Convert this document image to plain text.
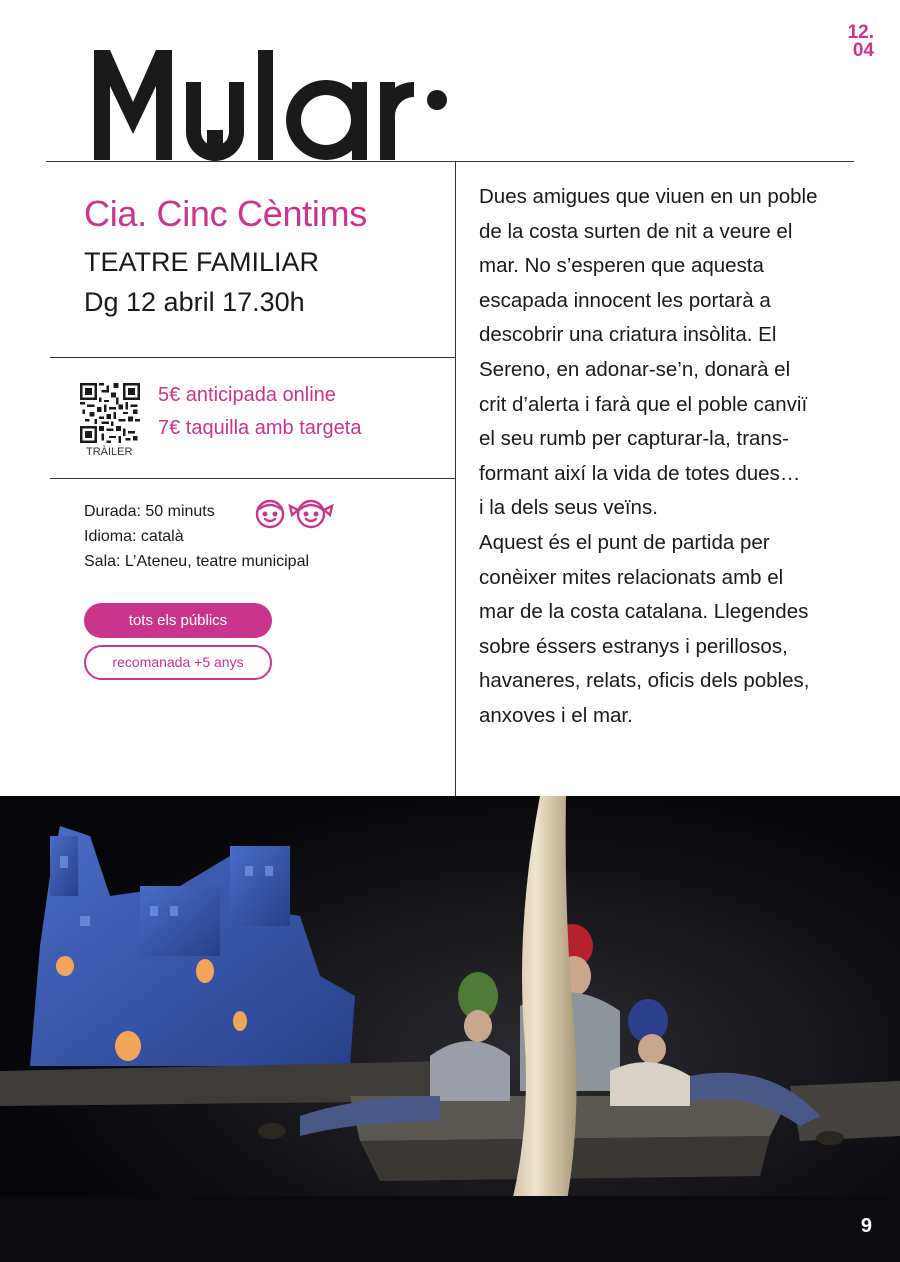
12.
04
Cia. Cinc Cèntims
TEATRE FAMILIAR
Dg 12 abril 17.30h
TRÀILER
5€ anticipada online
7€ taquilla amb targeta
Durada: 50 minuts
Idioma: català
Sala: L’Ateneu, teatre municipal
tots els públics
recomanada +5 anys

Dues amigues que viuen en un poble

de la costa surten de nit a veure el

mar. No s’esperen que aquesta

escapada innocent les portarà a

descobrir una criatura insòlita. El

Sereno, en adonar-se’n, donarà el

crit d’alerta i farà que el poble canviï

el seu rumb per capturar-la, trans-

formant així la vida de totes dues…

i la dels seus veïns.

Aquest és el punt de partida per

conèixer mites relacionats amb el

mar de la costa catalana. Llegendes

sobre éssers estranys i perillosos,

havaneres, relats, oficis dels pobles,

anxoves i el mar.

9
